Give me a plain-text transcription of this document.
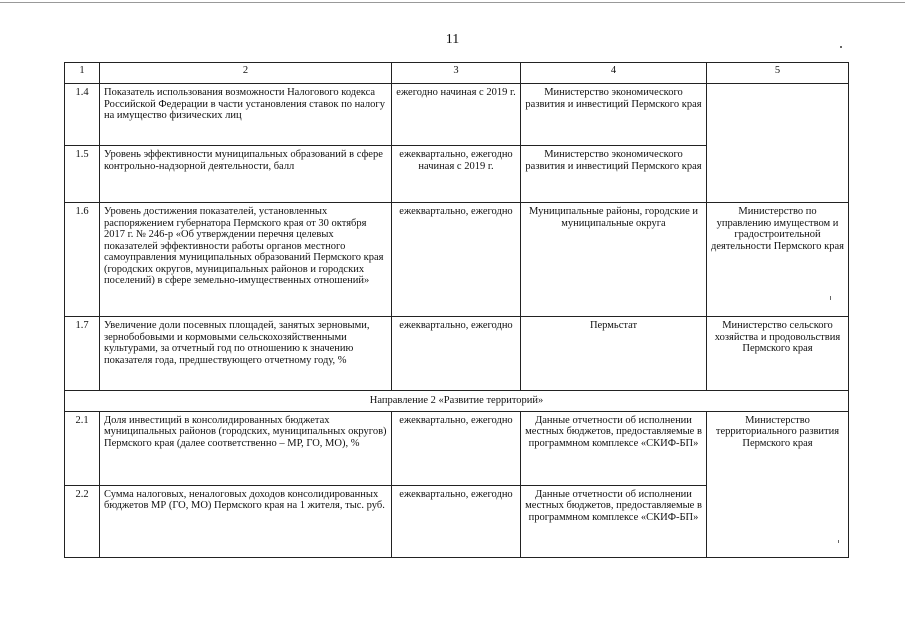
11
1	2	3	4	5
1.4	Показатель использования возможности Налогового кодекса Российской Федерации в части установления ставок по налогу на имущество физических лиц	ежегодно начиная с 2019 г.	Министерство экономического развития и инвестиций Пермского края	
1.5	Уровень эффективности муниципальных образований в сфере контрольно-надзорной деятельности, балл	ежеквартально, ежегодно начиная с 2019 г.	Министерство экономического развития и инвестиций Пермского края	
1.6	Уровень достижения показателей, установленных распоряжением губернатора Пермского края от 30 октября 2017 г. № 246-р «Об утверждении перечня целевых показателей эффективности работы органов местного самоуправления муниципальных образований Пермского края (городских округов, муниципальных районов и городских поселений) в сфере земельно-имущественных отношений»	ежеквартально, ежегодно	Муниципальные районы, городские и муниципальные округа	Министерство по управлению имуществом и градостроительной деятельности Пермского края
1.7	Увеличение доли посевных площадей, занятых зерновыми, зернобобовыми и кормовыми сельскохозяйственными культурами, за отчетный год по отношению к значению показателя года, предшествующего отчетному году, %	ежеквартально, ежегодно	Пермьстат	Министерство сельского хозяйства и продовольствия Пермского края
Направление 2 «Развитие территорий»				
2.1	Доля инвестиций в консолидированных бюджетах муниципальных районов (городских, муниципальных округов) Пермского края (далее соответственно – МР, ГО, МО), %	ежеквартально, ежегодно	Данные отчетности об исполнении местных бюджетов, предоставляемые в программном комплексе «СКИФ-БП»	Министерство территориального развития Пермского края
2.2	Сумма налоговых, неналоговых доходов консолидированных бюджетов МР (ГО, МО) Пермского края на 1 жителя, тыс. руб.	ежеквартально, ежегодно	Данные отчетности об исполнении местных бюджетов, предоставляемые в программном комплексе «СКИФ-БП»	
